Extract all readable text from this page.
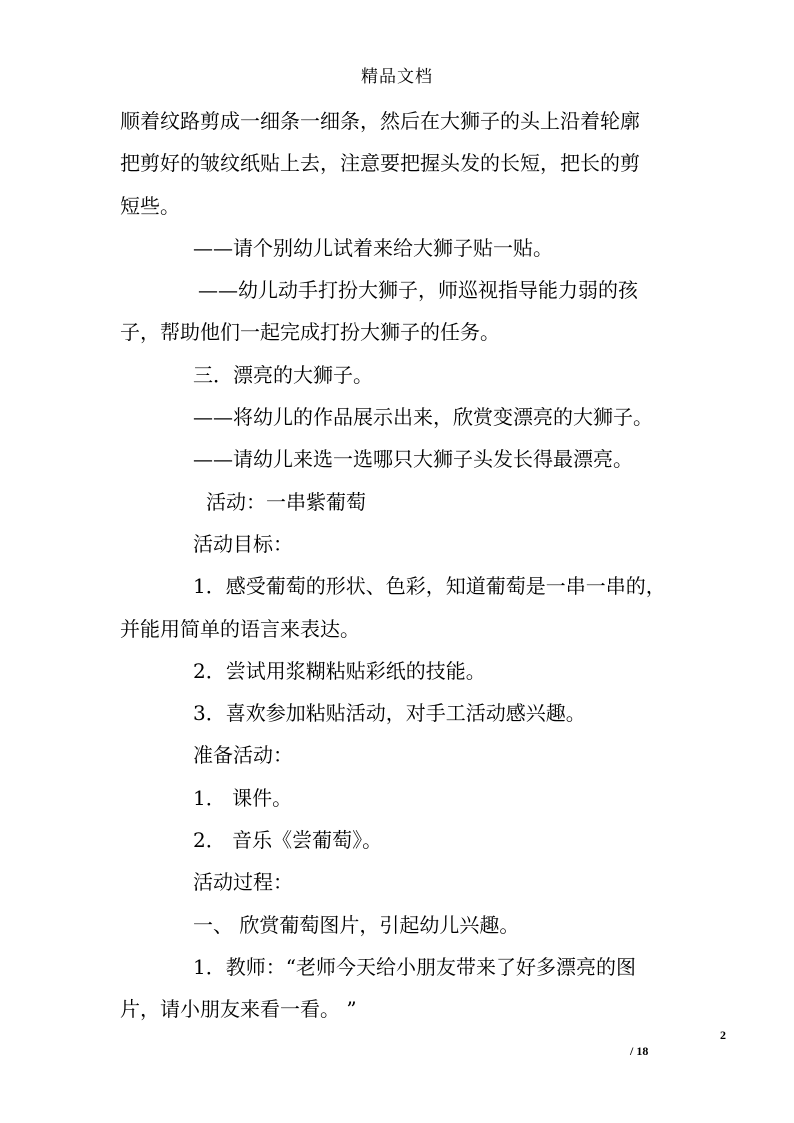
精品文档
顺着纹路剪成一细条一细条，然后在大狮子的头上沿着轮廓
把剪好的皱纹纸贴上去，注意要把握头发的长短，把长的剪
短些。
——请个别幼儿试着来给大狮子贴一贴。
——幼儿动手打扮大狮子，师巡视指导能力弱的孩
子，帮助他们一起完成打扮大狮子的任务。
三．漂亮的大狮子。
——将幼儿的作品展示出来，欣赏变漂亮的大狮子。
——请幼儿来选一选哪只大狮子头发长得最漂亮。
活动：一串紫葡萄
活动目标：
1．感受葡萄的形状、色彩，知道葡萄是一串一串的，
并能用简单的语言来表达。
2．尝试用浆糊粘贴彩纸的技能。
3．喜欢参加粘贴活动，对手工活动感兴趣。
准备活动：
1． 课件。
2． 音乐《尝葡萄》。
活动过程：
一、 欣赏葡萄图片，引起幼儿兴趣。
1．教师：“老师今天给小朋友带来了好多漂亮的图
片，请小朋友来看一看。 ”
2
/ 18
